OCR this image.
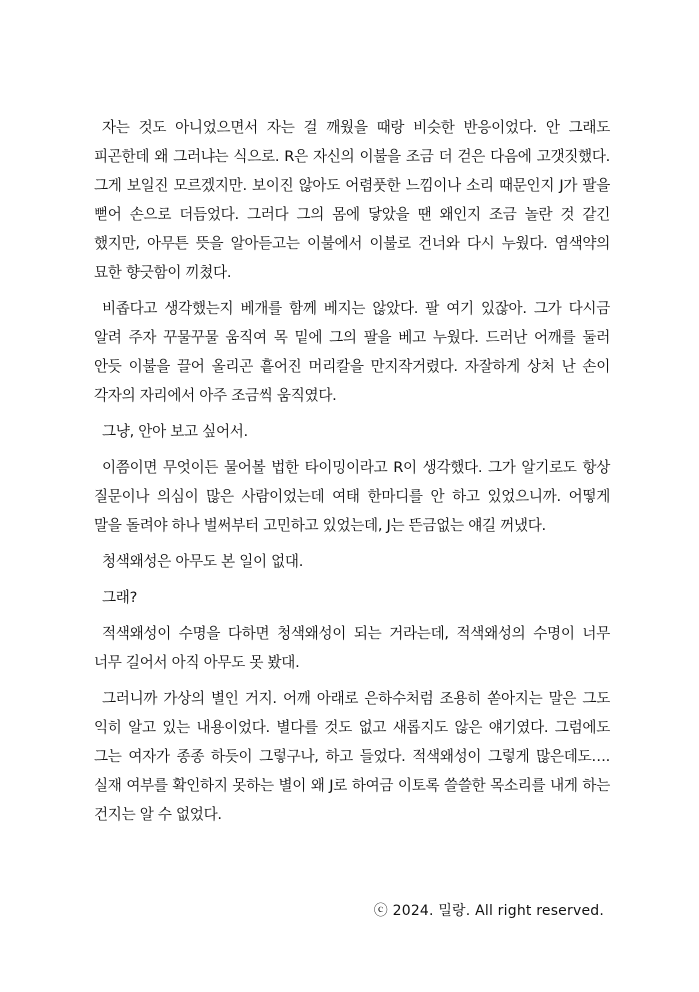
자는 것도 아니었으면서 자는 걸 깨웠을 때랑 비슷한 반응이었다. 안 그래도 피곤한데 왜 그러냐는 식으로. R은 자신의 이불을 조금 더 걷은 다음에 고갯짓했다. 그게 보일진 모르겠지만. 보이진 않아도 어렴풋한 느낌이나 소리 때문인지 J가 팔을 뻗어 손으로 더듬었다. 그러다 그의 몸에 닿았을 땐 왜인지 조금 놀란 것 같긴 했지만, 아무튼 뜻을 알아듣고는 이불에서 이불로 건너와 다시 누웠다. 염색약의 묘한 향긋함이 끼쳤다.

비좁다고 생각했는지 베개를 함께 베지는 않았다. 팔 여기 있잖아. 그가 다시금 알려 주자 꾸물꾸물 움직여 목 밑에 그의 팔을 베고 누웠다. 드러난 어깨를 둘러 안듯 이불을 끌어 올리곤 흩어진 머리칼을 만지작거렸다. 자잘하게 상처 난 손이 각자의 자리에서 아주 조금씩 움직였다.

그냥, 안아 보고 싶어서.

이쯤이면 무엇이든 물어볼 법한 타이밍이라고 R이 생각했다. 그가 알기로도 항상 질문이나 의심이 많은 사람이었는데 여태 한마디를 안 하고 있었으니까. 어떻게 말을 돌려야 하나 벌써부터 고민하고 있었는데, J는 뜬금없는 얘길 꺼냈다.

청색왜성은 아무도 본 일이 없대.

그래?

적색왜성이 수명을 다하면 청색왜성이 되는 거라는데, 적색왜성의 수명이 너무 너무 길어서 아직 아무도 못 봤대.

그러니까 가상의 별인 거지. 어깨 아래로 은하수처럼 조용히 쏟아지는 말은 그도 익히 알고 있는 내용이었다. 별다를 것도 없고 새롭지도 않은 얘기였다. 그럼에도 그는 여자가 종종 하듯이 그렇구나, 하고 들었다. 적색왜성이 그렇게 많은데도…. 실재 여부를 확인하지 못하는 별이 왜 J로 하여금 이토록 쓸쓸한 목소리를 내게 하는 건지는 알 수 없었다.

ⓒ 2024. 밀랑. All right reserved.
